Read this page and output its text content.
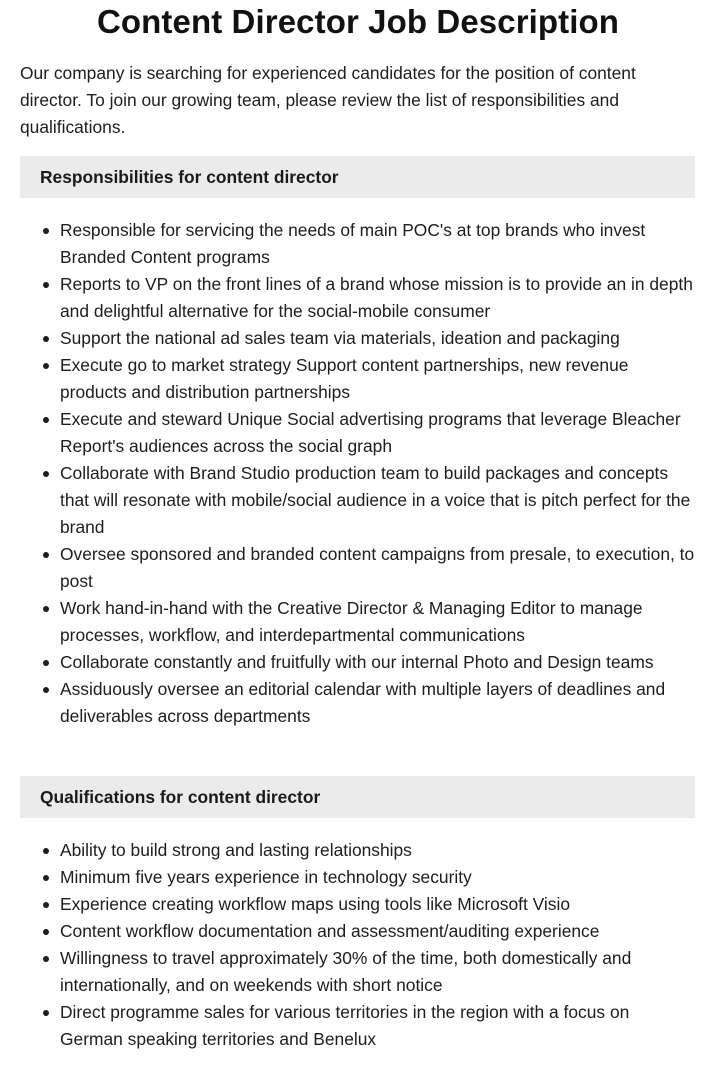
Content Director Job Description

Our company is searching for experienced candidates for the position of content director. To join our growing team, please review the list of responsibilities and qualifications.

Responsibilities for content director
Responsible for servicing the needs of main POC's at top brands who invest Branded Content programs
Reports to VP on the front lines of a brand whose mission is to provide an in depth and delightful alternative for the social-mobile consumer
Support the national ad sales team via materials, ideation and packaging
Execute go to market strategy Support content partnerships, new revenue products and distribution partnerships
Execute and steward Unique Social advertising programs that leverage Bleacher Report's audiences across the social graph
Collaborate with Brand Studio production team to build packages and concepts that will resonate with mobile/social audience in a voice that is pitch perfect for the brand
Oversee sponsored and branded content campaigns from presale, to execution, to post
Work hand-in-hand with the Creative Director & Managing Editor to manage processes, workflow, and interdepartmental communications
Collaborate constantly and fruitfully with our internal Photo and Design teams
Assiduously oversee an editorial calendar with multiple layers of deadlines and deliverables across departments
Qualifications for content director
Ability to build strong and lasting relationships
Minimum five years experience in technology security
Experience creating workflow maps using tools like Microsoft Visio
Content workflow documentation and assessment/auditing experience
Willingness to travel approximately 30% of the time, both domestically and internationally, and on weekends with short notice
Direct programme sales for various territories in the region with a focus on German speaking territories and Benelux
